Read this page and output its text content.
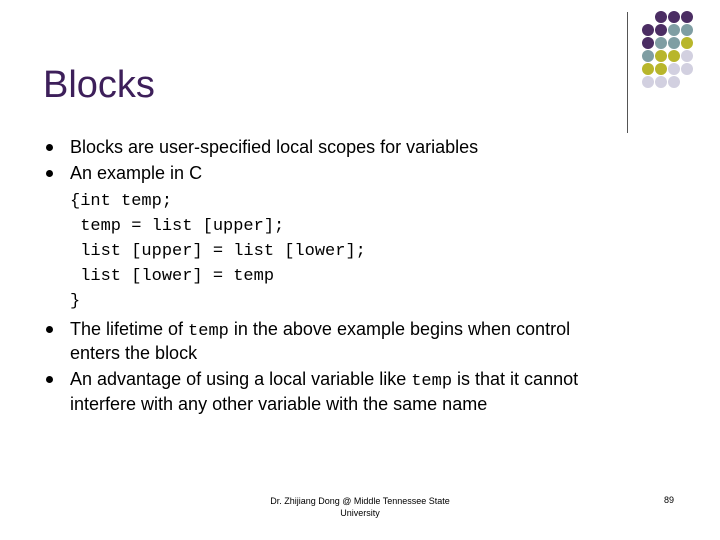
Blocks
Blocks are user-specified local scopes for variables
An example in C
{int temp;
temp = list [upper];
list [upper] = list [lower];
list [lower] = temp
}
The lifetime of temp in the above example begins when control
enters the block
An advantage of using a local variable like temp is that it cannot
interfere with any other variable with the same name
Dr. Zhijiang Dong @ Middle Tennessee State
University
89
